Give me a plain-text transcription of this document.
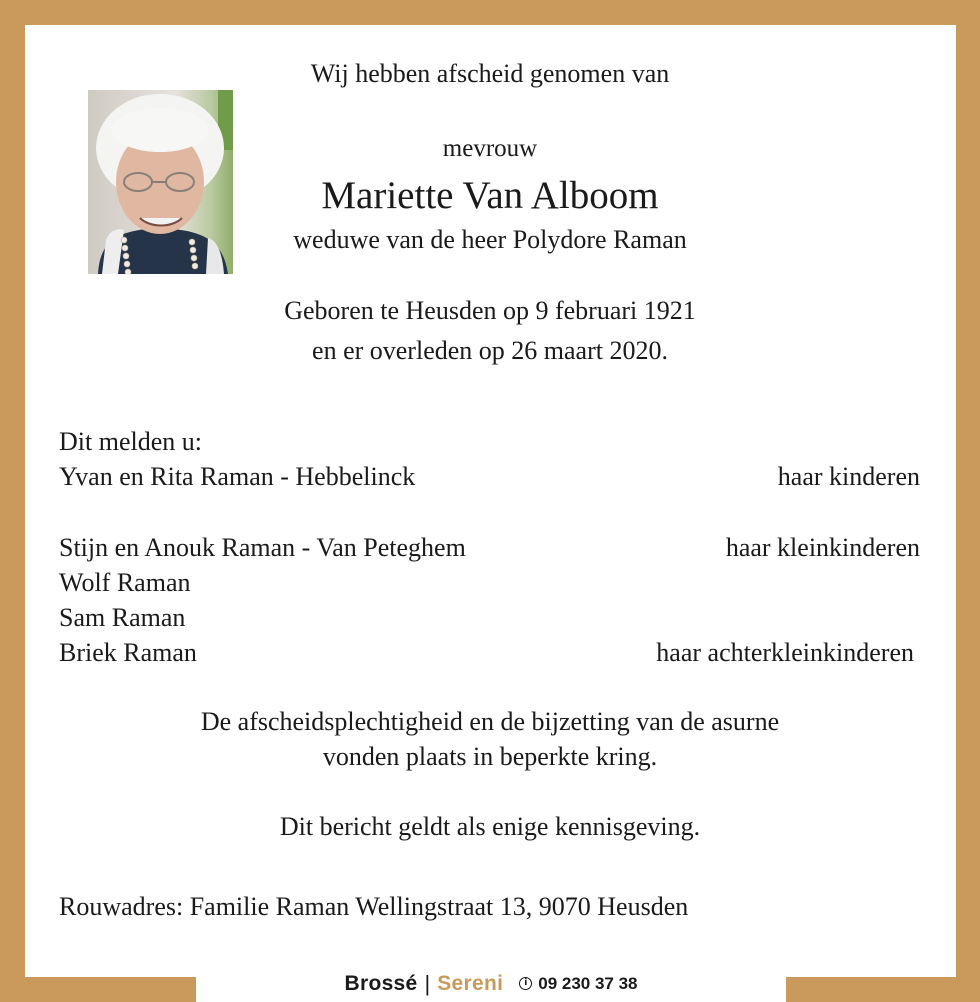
Wij hebben afscheid genomen van
mevrouw
Mariette Van Alboom
weduwe van de heer Polydore Raman
Geboren te Heusden op 9 februari 1921
en er overleden op 26 maart 2020.
Dit melden u:
Yvan en Rita Raman - Hebbelinck	haar kinderen
Stijn en Anouk Raman - Van Peteghem	haar kleinkinderen
Wolf Raman
Sam Raman
Briek Raman	haar achterkleinkinderen
De afscheidsplechtigheid en de bijzetting van de asurne
vonden plaats in beperkte kring.
Dit bericht geldt als enige kennisgeving.
Rouwadres: Familie Raman Wellingstraat 13, 9070 Heusden
Brossé | Sereni	i 09 230 37 38
